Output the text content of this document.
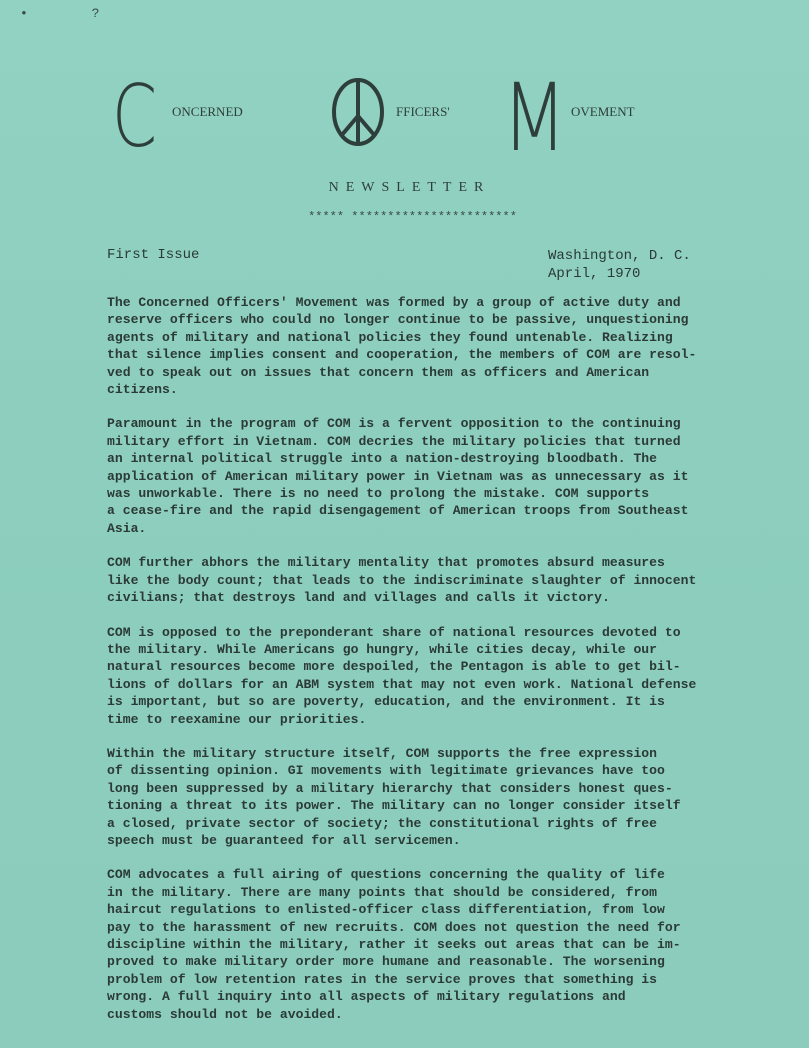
• ?
C ONCERNED	FFICERS' M OVEMENT
NEWSLETTER
***** ***********************
First Issue	Washington, D. C.
April, 1970

The Concerned Officers' Movement was formed by a group of active duty and
reserve officers who could no longer continue to be passive, unquestioning
agents of military and national policies they found untenable. Realizing
that silence implies consent and cooperation, the members of COM are resol-
ved to speak out on issues that concern them as officers and American
citizens.

Paramount in the program of COM is a fervent opposition to the continuing
military effort in Vietnam. COM decries the military policies that turned
an internal political struggle into a nation-destroying bloodbath. The
application of American military power in Vietnam was as unnecessary as it
was unworkable. There is no need to prolong the mistake. COM supports
a cease-fire and the rapid disengagement of American troops from Southeast
Asia.

COM further abhors the military mentality that promotes absurd measures
like the body count; that leads to the indiscriminate slaughter of innocent
civilians; that destroys land and villages and calls it victory.

COM is opposed to the preponderant share of national resources devoted to
the military. While Americans go hungry, while cities decay, while our
natural resources become more despoiled, the Pentagon is able to get bil-
lions of dollars for an ABM system that may not even work. National defense
is important, but so are poverty, education, and the environment. It is
time to reexamine our priorities.

Within the military structure itself, COM supports the free expression
of dissenting opinion. GI movements with legitimate grievances have too
long been suppressed by a military hierarchy that considers honest ques-
tioning a threat to its power. The military can no longer consider itself
a closed, private sector of society; the constitutional rights of free
speech must be guaranteed for all servicemen.

COM advocates a full airing of questions concerning the quality of life
in the military. There are many points that should be considered, from
haircut regulations to enlisted-officer class differentiation, from low
pay to the harassment of new recruits. COM does not question the need for
discipline within the military, rather it seeks out areas that can be im-
proved to make military order more humane and reasonable. The worsening
problem of low retention rates in the service proves that something is
wrong. A full inquiry into all aspects of military regulations and
customs should not be avoided.
